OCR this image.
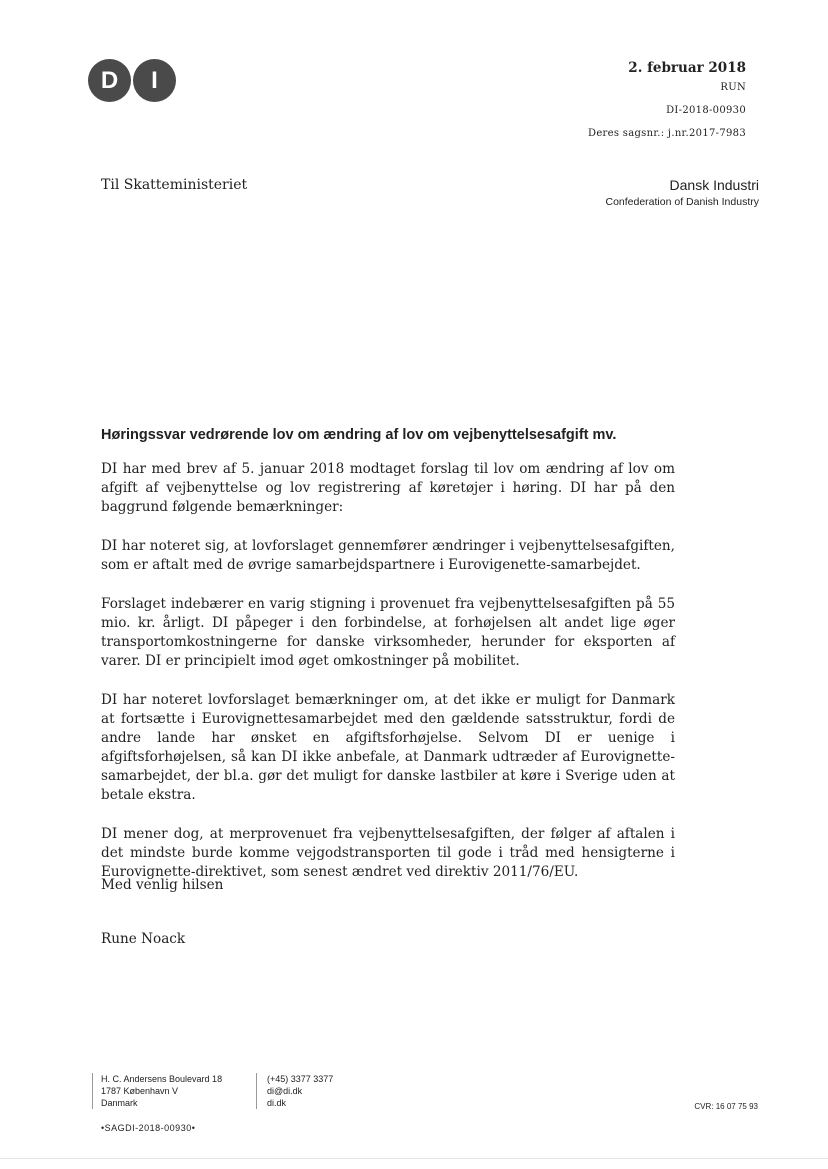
D	I	2. februar 2018
RUN
DI-2018-00930
Deres sagsnr.: j.nr.2017-7983
Til Skatteministeriet	Dansk Industri
Confederation of Danish Industry
Høringssvar vedrørende lov om ændring af lov om vejbenyttelsesafgift mv.

DI har med brev af 5. januar 2018 modtaget forslag til lov om ændring af lov om afgift af vejbenyttelse og lov registrering af køretøjer i høring. DI har på den baggrund følgende bemærkninger:

DI har noteret sig, at lovforslaget gennemfører ændringer i vejbenyttelsesafgiften, som er aftalt med de øvrige samarbejdspartnere i Eurovigenette-samarbejdet.

Forslaget indebærer en varig stigning i provenuet fra vejbenyttelsesafgiften på 55 mio. kr. årligt. DI påpeger i den forbindelse, at forhøjelsen alt andet lige øger transportomkostningerne for danske virksomheder, herunder for eksporten af varer. DI er principielt imod øget omkostninger på mobilitet.

DI har noteret lovforslaget bemærkninger om, at det ikke er muligt for Danmark at fortsætte i Eurovignettesamarbejdet med den gældende satsstruktur, fordi de andre lande har ønsket en afgiftsforhøjelse. Selvom DI er uenige i afgiftsforhøjelsen, så kan DI ikke anbefale, at Danmark udtræder af Eurovignette-samarbejdet, der bl.a. gør det muligt for danske lastbiler at køre i Sverige uden at betale ekstra.

DI mener dog, at merprovenuet fra vejbenyttelsesafgiften, der følger af aftalen i det mindste burde komme vejgodstransporten til gode i tråd med hensigterne i Eurovignette-direktivet, som senest ændret ved direktiv 2011/76/EU.

Med venlig hilsen
Rune Noack
H. C. Andersens Boulevard 18
1787 København V
Danmark
(+45) 3377 3377
di@di.dk
di.dk	CVR: 16 07 75 93
•SAGDI-2018-00930•
